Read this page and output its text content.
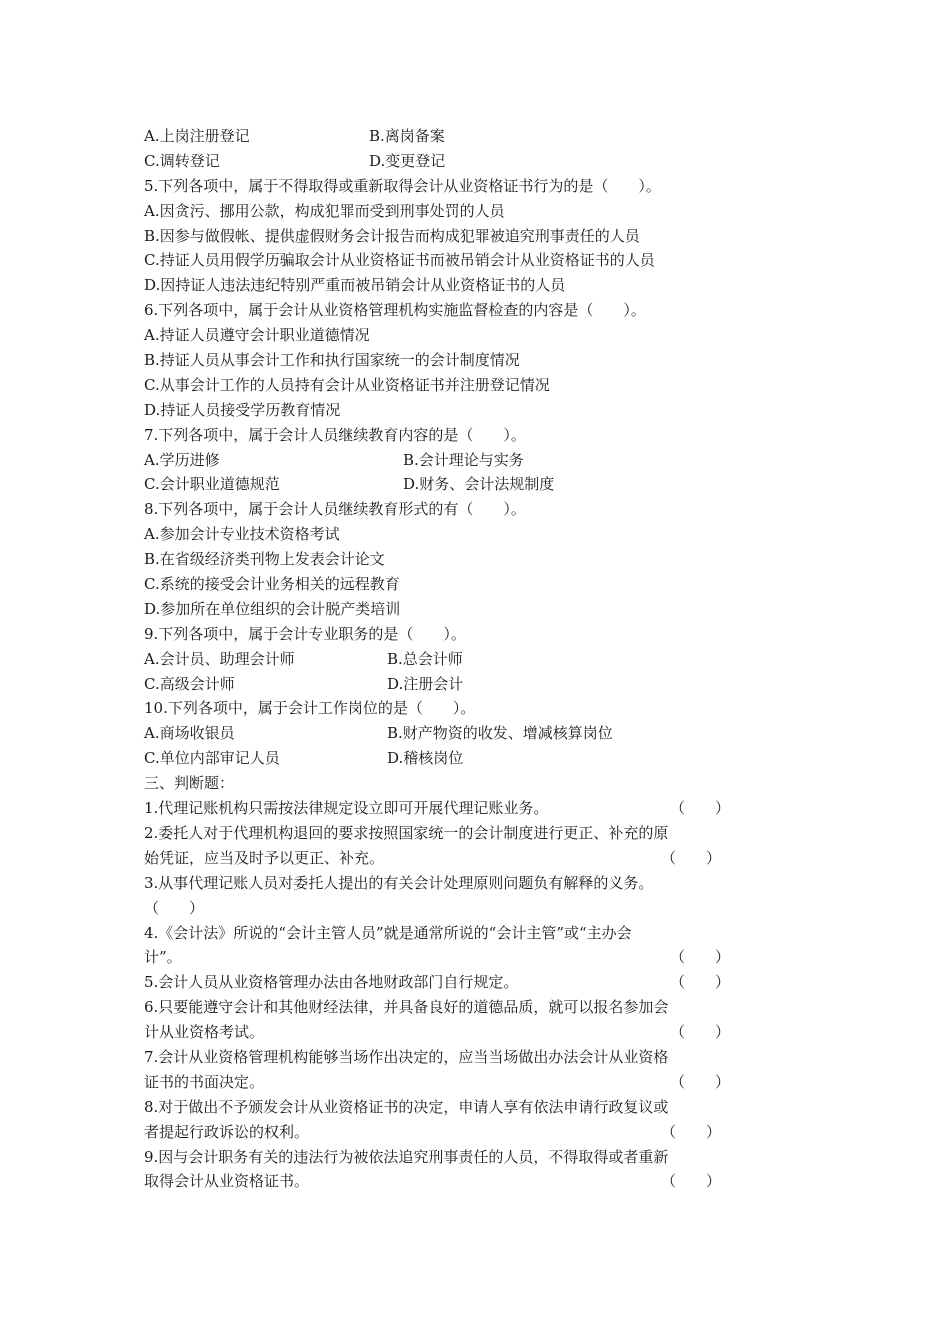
A.上岗注册登记	B.离岗备案
C.调转登记	D.变更登记
5.下列各项中，属于不得取得或重新取得会计从业资格证书行为的是（　　）。
A.因贪污、挪用公款，构成犯罪而受到刑事处罚的人员
B.因参与做假帐、提供虚假财务会计报告而构成犯罪被追究刑事责任的人员
C.持证人员用假学历骗取会计从业资格证书而被吊销会计从业资格证书的人员
D.因持证人违法违纪特别严重而被吊销会计从业资格证书的人员
6.下列各项中，属于会计从业资格管理机构实施监督检查的内容是（　　）。
A.持证人员遵守会计职业道德情况
B.持证人员从事会计工作和执行国家统一的会计制度情况
C.从事会计工作的人员持有会计从业资格证书并注册登记情况
D.持证人员接受学历教育情况
7.下列各项中，属于会计人员继续教育内容的是（　　）。
A.学历进修	B.会计理论与实务
C.会计职业道德规范	D.财务、会计法规制度
8.下列各项中，属于会计人员继续教育形式的有（　　）。
A.参加会计专业技术资格考试
B.在省级经济类刊物上发表会计论文
C.系统的接受会计业务相关的远程教育
D.参加所在单位组织的会计脱产类培训
9.下列各项中，属于会计专业职务的是（　　）。
A.会计员、助理会计师	B.总会计师
C.高级会计师	D.注册会计
10.下列各项中，属于会计工作岗位的是（　　）。
A.商场收银员	B.财产物资的收发、增减核算岗位
C.单位内部审记人员	D.稽核岗位
三、判断题：
1.代理记账机构只需按法律规定设立即可开展代理记账业务。	（　　）
2.委托人对于代理机构退回的要求按照国家统一的会计制度进行更正、补充的原
始凭证，应当及时予以更正、补充。	（　　）
3.从事代理记账人员对委托人提出的有关会计处理原则问题负有解释的义务。
（　　）
4.《会计法》所说的“会计主管人员”就是通常所说的“会计主管”或“主办会
计”。	（　　）
5.会计人员从业资格管理办法由各地财政部门自行规定。	（　　）
6.只要能遵守会计和其他财经法律，并具备良好的道德品质，就可以报名参加会
计从业资格考试。	（　　）
7.会计从业资格管理机构能够当场作出决定的，应当当场做出办法会计从业资格
证书的书面决定。	（　　）
8.对于做出不予颁发会计从业资格证书的决定，申请人享有依法申请行政复议或
者提起行政诉讼的权利。	（　　）
9.因与会计职务有关的违法行为被依法追究刑事责任的人员，不得取得或者重新
取得会计从业资格证书。	（　　）
